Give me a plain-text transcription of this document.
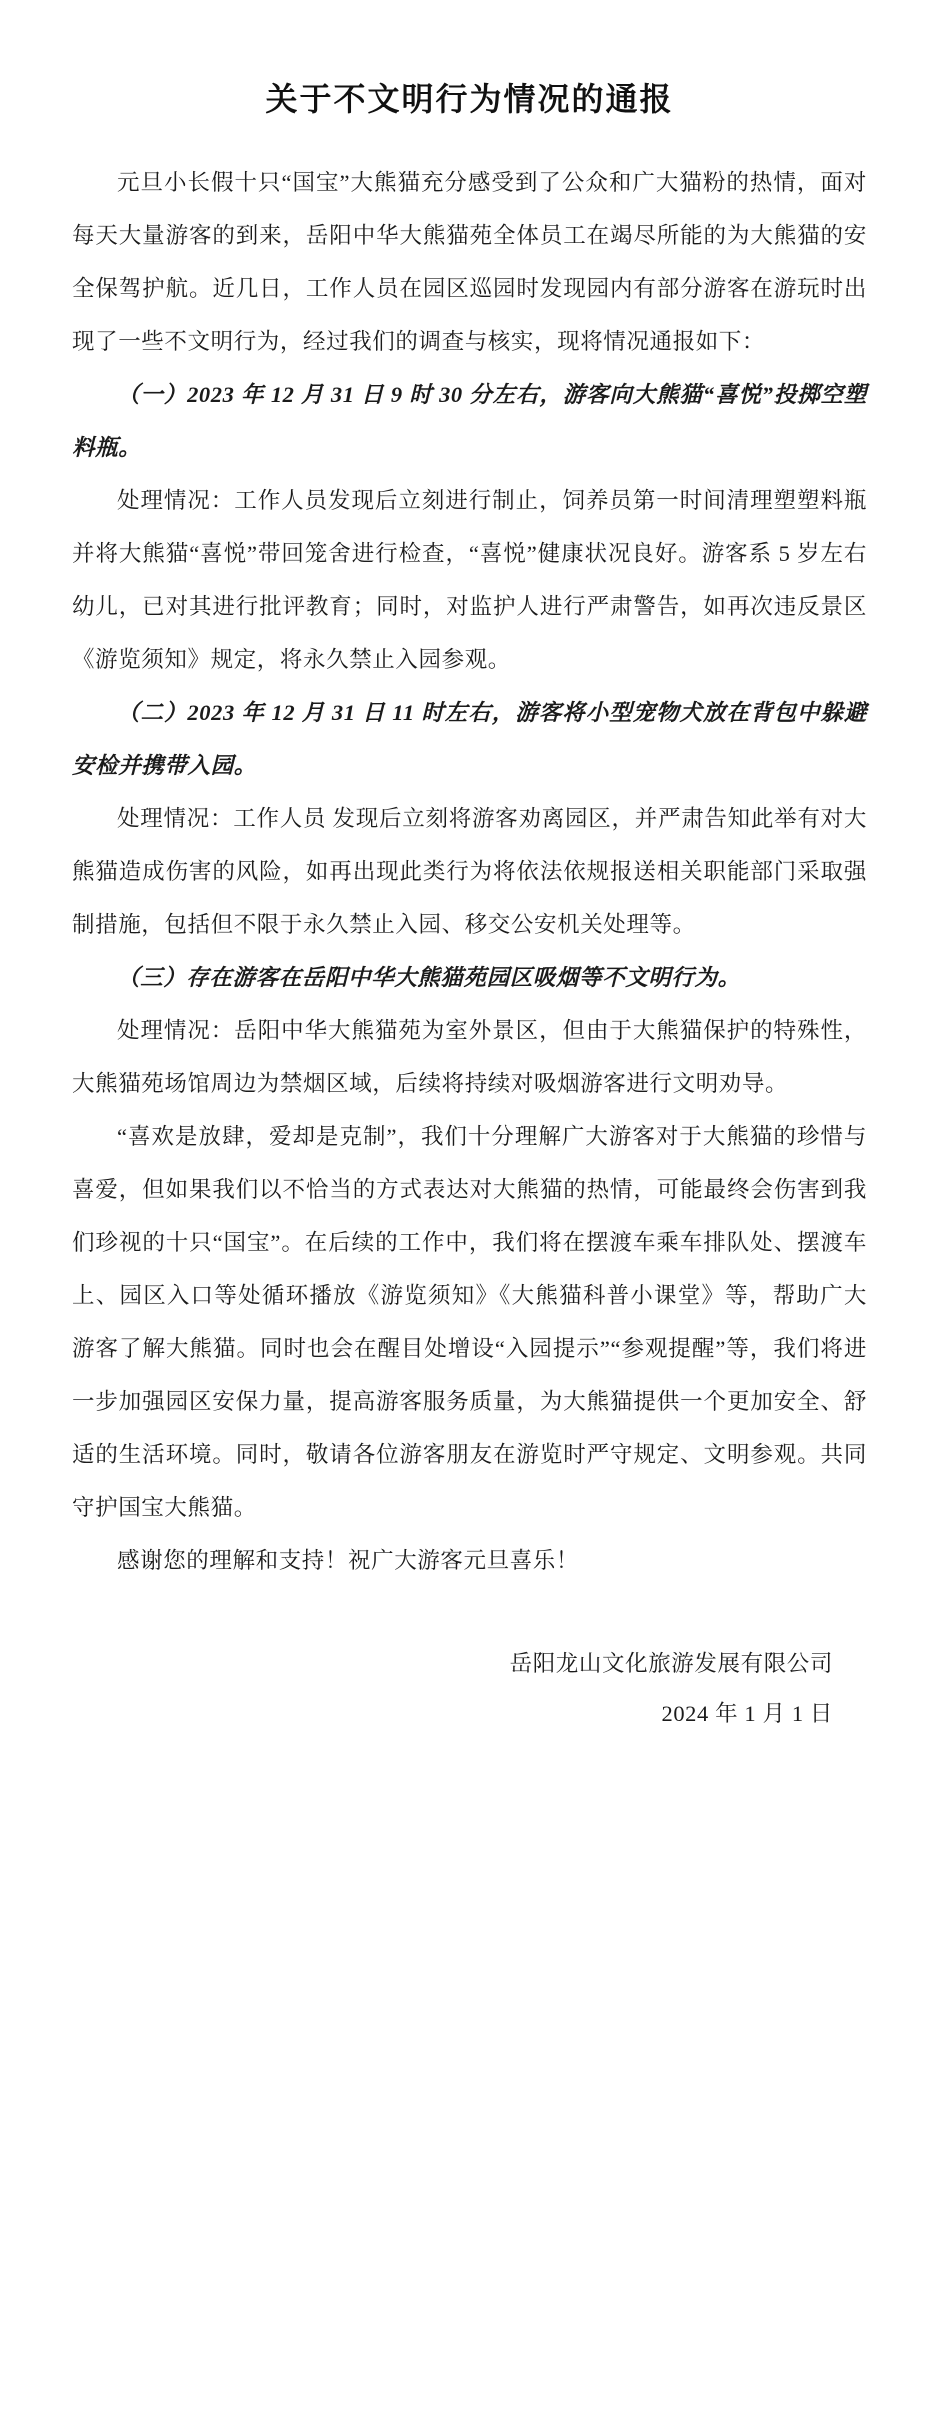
关于不文明行为情况的通报

元旦小长假十只“国宝”大熊猫充分感受到了公众和广大猫粉的热情，面对每天大量游客的到来，岳阳中华大熊猫苑全体员工在竭尽所能的为大熊猫的安全保驾护航。近几日，工作人员在园区巡园时发现园内有部分游客在游玩时出现了一些不文明行为，经过我们的调查与核实，现将情况通报如下：

（一）2023 年 12 月 31 日 9 时 30 分左右，游客向大熊猫“喜悦”投掷空塑料瓶。

处理情况：工作人员发现后立刻进行制止，饲养员第一时间清理塑塑料瓶并将大熊猫“喜悦”带回笼舍进行检查，“喜悦”健康状况良好。游客系 5 岁左右幼儿，已对其进行批评教育；同时，对监护人进行严肃警告，如再次违反景区《游览须知》规定，将永久禁止入园参观。

（二）2023 年 12 月 31 日 11 时左右，游客将小型宠物犬放在背包中躲避安检并携带入园。

处理情况：工作人员 发现后立刻将游客劝离园区，并严肃告知此举有对大熊猫造成伤害的风险，如再出现此类行为将依法依规报送相关职能部门采取强制措施，包括但不限于永久禁止入园、移交公安机关处理等。

（三）存在游客在岳阳中华大熊猫苑园区吸烟等不文明行为。

处理情况：岳阳中华大熊猫苑为室外景区，但由于大熊猫保护的特殊性，大熊猫苑场馆周边为禁烟区域，后续将持续对吸烟游客进行文明劝导。

“喜欢是放肆，爱却是克制”，我们十分理解广大游客对于大熊猫的珍惜与喜爱，但如果我们以不恰当的方式表达对大熊猫的热情，可能最终会伤害到我们珍视的十只“国宝”。在后续的工作中，我们将在摆渡车乘车排队处、摆渡车上、园区入口等处循环播放《游览须知》《大熊猫科普小课堂》等，帮助广大游客了解大熊猫。同时也会在醒目处增设“入园提示”“参观提醒”等，我们将进一步加强园区安保力量，提高游客服务质量，为大熊猫提供一个更加安全、舒适的生活环境。同时，敬请各位游客朋友在游览时严守规定、文明参观。共同守护国宝大熊猫。

感谢您的理解和支持！祝广大游客元旦喜乐！

岳阳龙山文化旅游发展有限公司
2024 年 1 月 1 日
